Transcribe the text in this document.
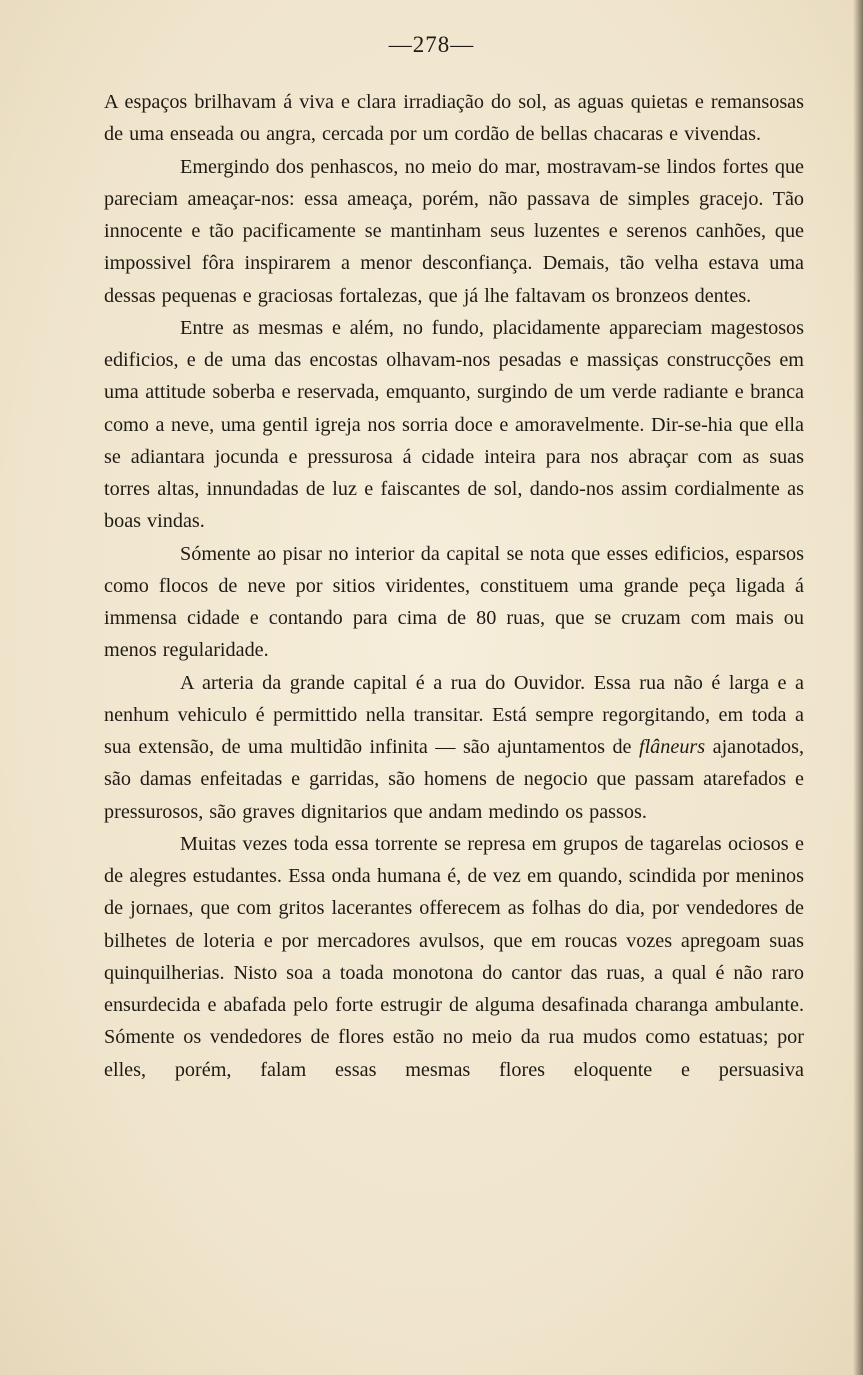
—278—

A espaços brilhavam á viva e clara irradiação do sol, as aguas quietas e remansosas de uma enseada ou angra, cercada por um cordão de bellas chacaras e vivendas.

Emergindo dos penhascos, no meio do mar, mostravam-se lindos fortes que pareciam ameaçar-nos: essa ameaça, porém, não passava de simples gracejo. Tão innocente e tão pacificamente se mantinham seus luzentes e serenos canhões, que impossivel fôra inspirarem a menor desconfiança. Demais, tão velha estava uma dessas pequenas e graciosas fortalezas, que já lhe faltavam os bronzeos dentes.

Entre as mesmas e além, no fundo, placidamente appareciam magestosos edificios, e de uma das encostas olhavam-nos pesadas e massiças construcções em uma attitude soberba e reservada, emquanto, surgindo de um verde radiante e branca como a neve, uma gentil igreja nos sorria doce e amoravelmente. Dir-se-hia que ella se adiantara jocunda e pressurosa á cidade inteira para nos abraçar com as suas torres altas, innundadas de luz e faiscantes de sol, dando-nos assim cordialmente as boas vindas.

Sómente ao pisar no interior da capital se nota que esses edificios, esparsos como flocos de neve por sitios viridentes, constituem uma grande peça ligada á immensa cidade e contando para cima de 80 ruas, que se cruzam com mais ou menos regularidade.

A arteria da grande capital é a rua do Ouvidor. Essa rua não é larga e a nenhum vehiculo é permittido nella transitar. Está sempre regorgitando, em toda a sua extensão, de uma multidão infinita — são ajuntamentos de flâneurs ajanotados, são damas enfeitadas e garridas, são homens de negocio que passam atarefados e pressurosos, são graves dignitarios que andam medindo os passos.

Muitas vezes toda essa torrente se represa em grupos de tagarelas ociosos e de alegres estudantes. Essa onda humana é, de vez em quando, scindida por meninos de jornaes, que com gritos lacerantes offerecem as folhas do dia, por vendedores de bilhetes de loteria e por mercadores avulsos, que em roucas vozes apregoam suas quinquilherias. Nisto soa a toada monotona do cantor das ruas, a qual é não raro ensurdecida e abafada pelo forte estrugir de alguma desafinada charanga ambulante. Sómente os vendedores de flores estão no meio da rua mudos como estatuas; por elles, porém, falam essas mesmas flores eloquente e persuasiva
